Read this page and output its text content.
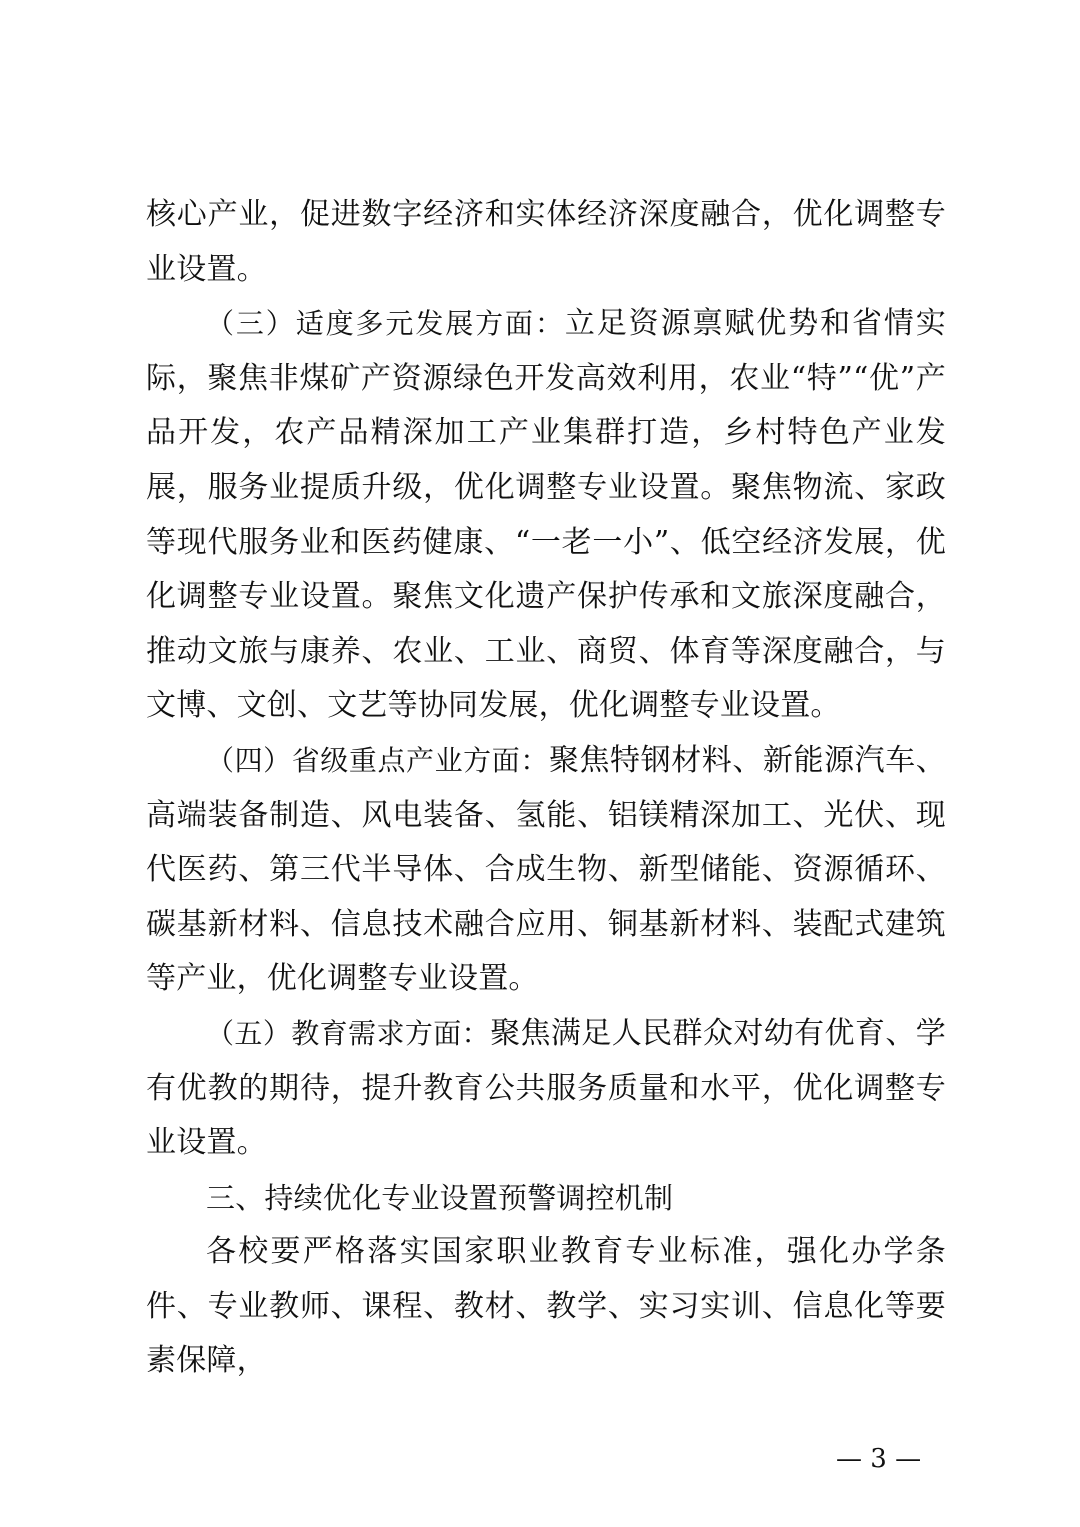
核心产业，促进数字经济和实体经济深度融合，优化调整专业设置。

（三）适度多元发展方面：立足资源禀赋优势和省情实际，聚焦非煤矿产资源绿色开发高效利用，农业“特”“优”产品开发，农产品精深加工产业集群打造，乡村特色产业发展，服务业提质升级，优化调整专业设置。聚焦物流、家政等现代服务业和医药健康、“一老一小”、低空经济发展，优化调整专业设置。聚焦文化遗产保护传承和文旅深度融合，推动文旅与康养、农业、工业、商贸、体育等深度融合，与文博、文创、文艺等协同发展，优化调整专业设置。

（四）省级重点产业方面：聚焦特钢材料、新能源汽车、高端装备制造、风电装备、氢能、铝镁精深加工、光伏、现代医药、第三代半导体、合成生物、新型储能、资源循环、碳基新材料、信息技术融合应用、铜基新材料、装配式建筑等产业，优化调整专业设置。

（五）教育需求方面：聚焦满足人民群众对幼有优育、学有优教的期待，提升教育公共服务质量和水平，优化调整专业设置。

三、持续优化专业设置预警调控机制

各校要严格落实国家职业教育专业标准，强化办学条件、专业教师、课程、教材、教学、实习实训、信息化等要素保障，

— 3 —
